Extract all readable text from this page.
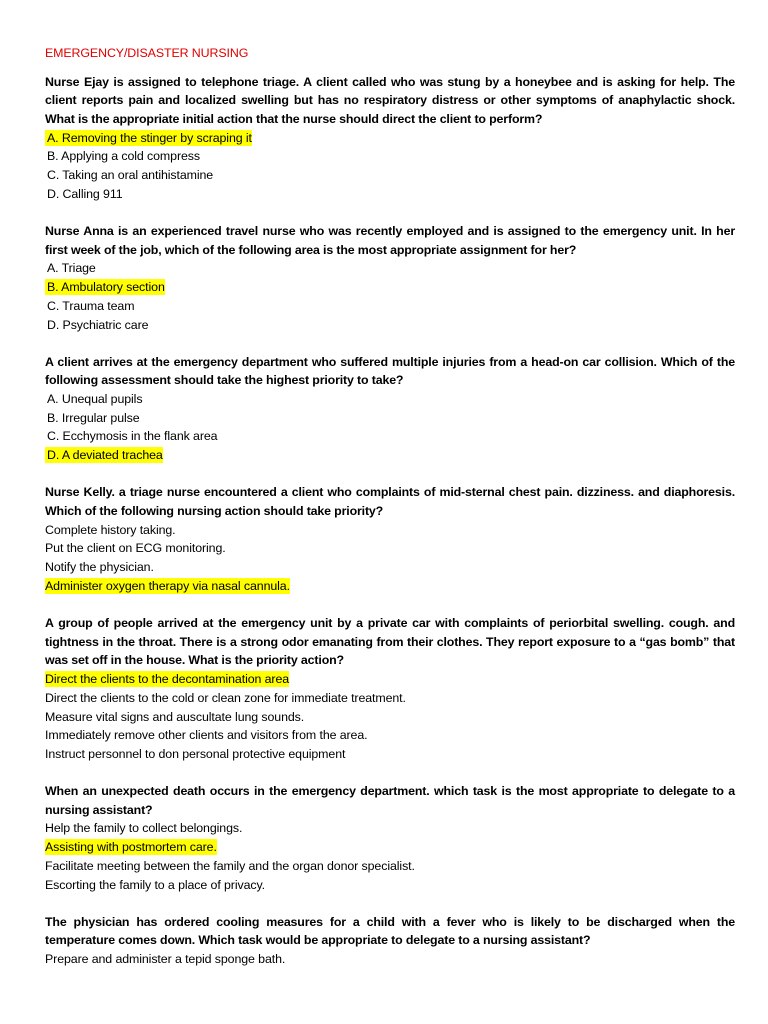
EMERGENCY/DISASTER NURSING

Nurse Ejay is assigned to telephone triage. A client called who was stung by a honeybee and is asking for help. The client reports pain and localized swelling but has no respiratory distress or other symptoms of anaphylactic shock. What is the appropriate initial action that the nurse should direct the client to perform?

A. Removing the stinger by scraping it
B. Applying a cold compress
C. Taking an oral antihistamine
D. Calling 911

Nurse Anna is an experienced travel nurse who was recently employed and is assigned to the emergency unit. In her first week of the job, which of the following area is the most appropriate assignment for her?

A. Triage
B. Ambulatory section
C. Trauma team
D. Psychiatric care

A client arrives at the emergency department who suffered multiple injuries from a head-on car collision. Which of the following assessment should take the highest priority to take?

A. Unequal pupils
B. Irregular pulse
C. Ecchymosis in the flank area
D. A deviated trachea

Nurse Kelly. a triage nurse encountered a client who complaints of mid-sternal chest pain. dizziness. and diaphoresis. Which of the following nursing action should take priority?

Complete history taking.
Put the client on ECG monitoring.
Notify the physician.
Administer oxygen therapy via nasal cannula.

A group of people arrived at the emergency unit by a private car with complaints of periorbital swelling. cough. and tightness in the throat. There is a strong odor emanating from their clothes. They report exposure to a “gas bomb” that was set off in the house. What is the priority action?

Direct the clients to the decontamination area
Direct the clients to the cold or clean zone for immediate treatment.
Measure vital signs and auscultate lung sounds.
Immediately remove other clients and visitors from the area.
Instruct personnel to don personal protective equipment

When an unexpected death occurs in the emergency department. which task is the most appropriate to delegate to a nursing assistant?

Help the family to collect belongings.
Assisting with postmortem care.
Facilitate meeting between the family and the organ donor specialist.
Escorting the family to a place of privacy.

The physician has ordered cooling measures for a child with a fever who is likely to be discharged when the temperature comes down. Which task would be appropriate to delegate to a nursing assistant?

Prepare and administer a tepid sponge bath.
